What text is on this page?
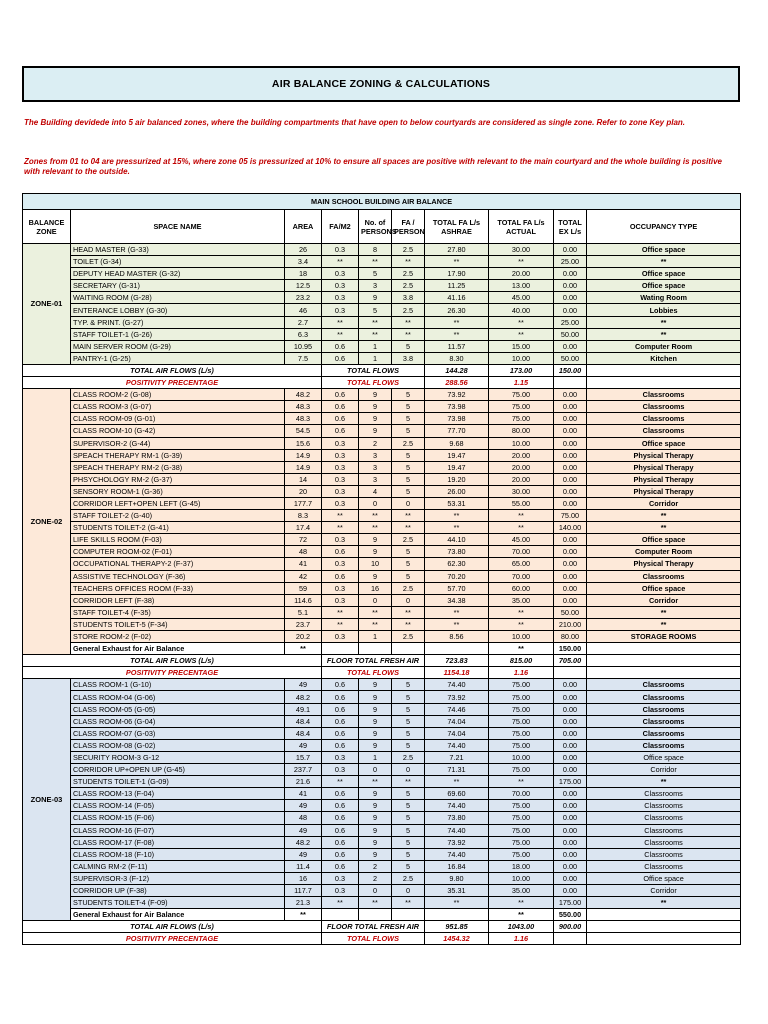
AIR BALANCE ZONING & CALCULATIONS
The Building devidede into 5 air balanced zones, where the building compartments that have open to below courtyards are considered as single zone. Refer to zone Key plan.
Zones from 01 to 04 are pressurized at 15%, where zone 05 is pressurized at 10% to ensure all spaces are positive with relevant to the main courtyard and the whole building is positive with relevant to the outside.
MAIN SCHOOL BUILDING AIR BALANCE									
BALANCE ZONE	SPACE NAME	AREA	FA/M2	No. of PERSONS	FA / PERSON	TOTAL FA L/s ASHRAE	TOTAL FA L/s ACTUAL	TOTAL EX L/s	OCCUPANCY TYPE
ZONE-01	HEAD MASTER (G-33)	26	0.3	8	2.5	27.80	30.00	0.00	Office space
	TOILET (G-34)	3.4	**	**	**	**	**	25.00	**
	DEPUTY HEAD MASTER (G-32)	18	0.3	5	2.5	17.90	20.00	0.00	Office space
	SECRETARY (G-31)	12.5	0.3	3	2.5	11.25	13.00	0.00	Office space
	WAITING ROOM (G-28)	23.2	0.3	9	3.8	41.16	45.00	0.00	Wating Room
	ENTERANCE LOBBY (G-30)	46	0.3	5	2.5	26.30	40.00	0.00	Lobbies
	TYP. & PRINT. (G-27)	2.7	**	**	**	**	**	25.00	**
	STAFF TOILET-1 (G-26)	6.3	**	**	**	**	**	50.00	**
	MAIN SERVER ROOM (G-29)	10.95	0.6	1	5	11.57	15.00	0.00	Computer Room
	PANTRY-1 (G-25)	7.5	0.6	1	3.8	8.30	10.00	50.00	Kitchen
TOTAL AIR FLOWS (L/s)			TOTAL FLOWS			144.28	173.00	150.00	
POSITIVITY PRECENTAGE			TOTAL FLOWS			288.56	1.15		
ZONE-02	CLASS ROOM-2 (G-08)	48.2	0.6	9	5	73.92	75.00	0.00	Classrooms
	CLASS ROOM-3 (G-07)	48.3	0.6	9	5	73.98	75.00	0.00	Classrooms
	CLASS ROOM-09 (G-01)	48.3	0.6	9	5	73.98	75.00	0.00	Classrooms
	CLASS ROOM-10 (G-42)	54.5	0.6	9	5	77.70	80.00	0.00	Classrooms
	SUPERVISOR-2 (G-44)	15.6	0.3	2	2.5	9.68	10.00	0.00	Office space
	SPEACH THERAPY RM-1 (G-39)	14.9	0.3	3	5	19.47	20.00	0.00	Physical Therapy
	SPEACH THERAPY RM-2 (G-38)	14.9	0.3	3	5	19.47	20.00	0.00	Physical Therapy
	PHSYCHOLOGY RM-2 (G-37)	14	0.3	3	5	19.20	20.00	0.00	Physical Therapy
	SENSORY ROOM-1 (G-36)	20	0.3	4	5	26.00	30.00	0.00	Physical Therapy
	CORRIDOR LEFT+OPEN LEFT (G-45)	177.7	0.3	0	0	53.31	55.00	0.00	Corridor
	STAFF TOILET-2 (G-40)	8.3	**	**	**	**	**	75.00	**
	STUDENTS TOILET-2 (G-41)	17.4	**	**	**	**	**	140.00	**
	LIFE SKILLS ROOM (F-03)	72	0.3	9	2.5	44.10	45.00	0.00	Office space
	COMPUTER ROOM-02 (F-01)	48	0.6	9	5	73.80	70.00	0.00	Computer Room
	OCCUPATIONAL THERAPY-2 (F-37)	41	0.3	10	5	62.30	65.00	0.00	Physical Therapy
	ASSISTIVE TECHNOLOGY (F-36)	42	0.6	9	5	70.20	70.00	0.00	Classrooms
	TEACHERS OFFICES ROOM (F-33)	59	0.3	16	2.5	57.70	60.00	0.00	Office space
	CORRIDOR LEFT (F-38)	114.6	0.3	0	0	34.38	35.00	0.00	Corridor
	STAFF TOILET-4 (F-35)	5.1	**	**	**	**	**	50.00	**
	STUDENTS TOILET-5 (F-34)	23.7	**	**	**	**	**	210.00	**
	STORE ROOM-2 (F-02)	20.2	0.3	1	2.5	8.56	10.00	80.00	STORAGE ROOMS
	General Exhaust for Air Balance	**					**	150.00	
TOTAL AIR FLOWS (L/s)			FLOOR TOTAL FRESH AIR			723.83	815.00	705.00	
POSITIVITY PRECENTAGE			TOTAL FLOWS			1154.18	1.16		
ZONE-03	CLASS ROOM-1 (G-10)	49	0.6	9	5	74.40	75.00	0.00	Classrooms
	CLASS ROOM-04 (G-06)	48.2	0.6	9	5	73.92	75.00	0.00	Classrooms
	CLASS ROOM-05 (G-05)	49.1	0.6	9	5	74.46	75.00	0.00	Classrooms
	CLASS ROOM-06 (G-04)	48.4	0.6	9	5	74.04	75.00	0.00	Classrooms
	CLASS ROOM-07 (G-03)	48.4	0.6	9	5	74.04	75.00	0.00	Classrooms
	CLASS ROOM-08 (G-02)	49	0.6	9	5	74.40	75.00	0.00	Classrooms
	SECURITY ROOM-3 G-12	15.7	0.3	1	2.5	7.21	10.00	0.00	Office space
	CORRIDOR UP+OPEN UP (G-45)	237.7	0.3	0	0	71.31	75.00	0.00	Corridor
	STUDENTS TOILET-1 (G-09)	21.6	**	**	**	**	**	175.00	**
	CLASS ROOM-13 (F-04)	41	0.6	9	5	69.60	70.00	0.00	Classrooms
	CLASS ROOM-14 (F-05)	49	0.6	9	5	74.40	75.00	0.00	Classrooms
	CLASS ROOM-15 (F-06)	48	0.6	9	5	73.80	75.00	0.00	Classrooms
	CLASS ROOM-16 (F-07)	49	0.6	9	5	74.40	75.00	0.00	Classrooms
	CLASS ROOM-17 (F-08)	48.2	0.6	9	5	73.92	75.00	0.00	Classrooms
	CLASS ROOM-18 (F-10)	49	0.6	9	5	74.40	75.00	0.00	Classrooms
	CALMING RM-2 (F-11)	11.4	0.6	2	5	16.84	18.00	0.00	Classrooms
	SUPERVISOR-3 (F-12)	16	0.3	2	2.5	9.80	10.00	0.00	Office space
	CORRIDOR UP (F-38)	117.7	0.3	0	0	35.31	35.00	0.00	Corridor
	STUDENTS TOILET-4 (F-09)	21.3	**	**	**	**	**	175.00	**
	General Exhaust for Air Balance	**					**	550.00	
TOTAL AIR FLOWS (L/s)			FLOOR TOTAL FRESH AIR			951.85	1043.00	900.00	
POSITIVITY PRECENTAGE			TOTAL FLOWS			1454.32	1.16		
